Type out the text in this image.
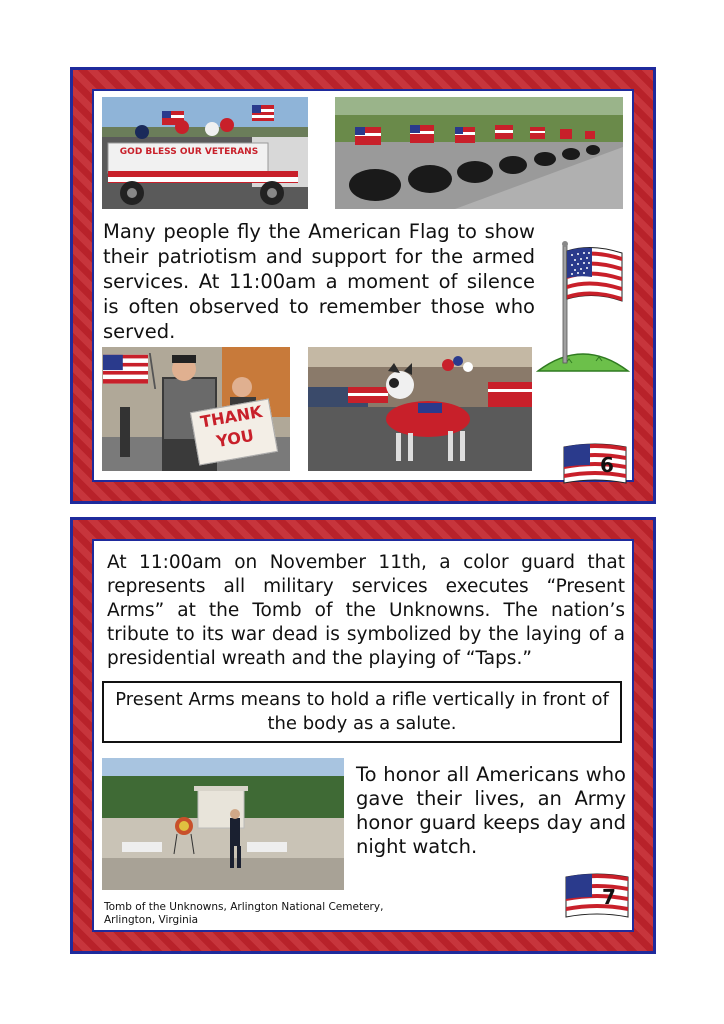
GOD BLESS OUR VETERANS
Many people fly the American Flag to show their patriotism and support for the armed services. At 11:00am a moment of silence is often observed to remember those who served.
THANK
YOU
6
At 11:00am on November 11th, a color guard that represents all military services executes “Present Arms” at the Tomb of the Unknowns. The nation’s tribute to its war dead is symbolized by the laying of a presidential wreath and the playing of “Taps.”
Present Arms means to hold a rifle vertically in front of the body as a salute.
To honor all Americans who gave their lives, an Army honor guard keeps day and night watch.
Tomb of the Unknowns, Arlington National Cemetery, Arlington, Virginia
7
